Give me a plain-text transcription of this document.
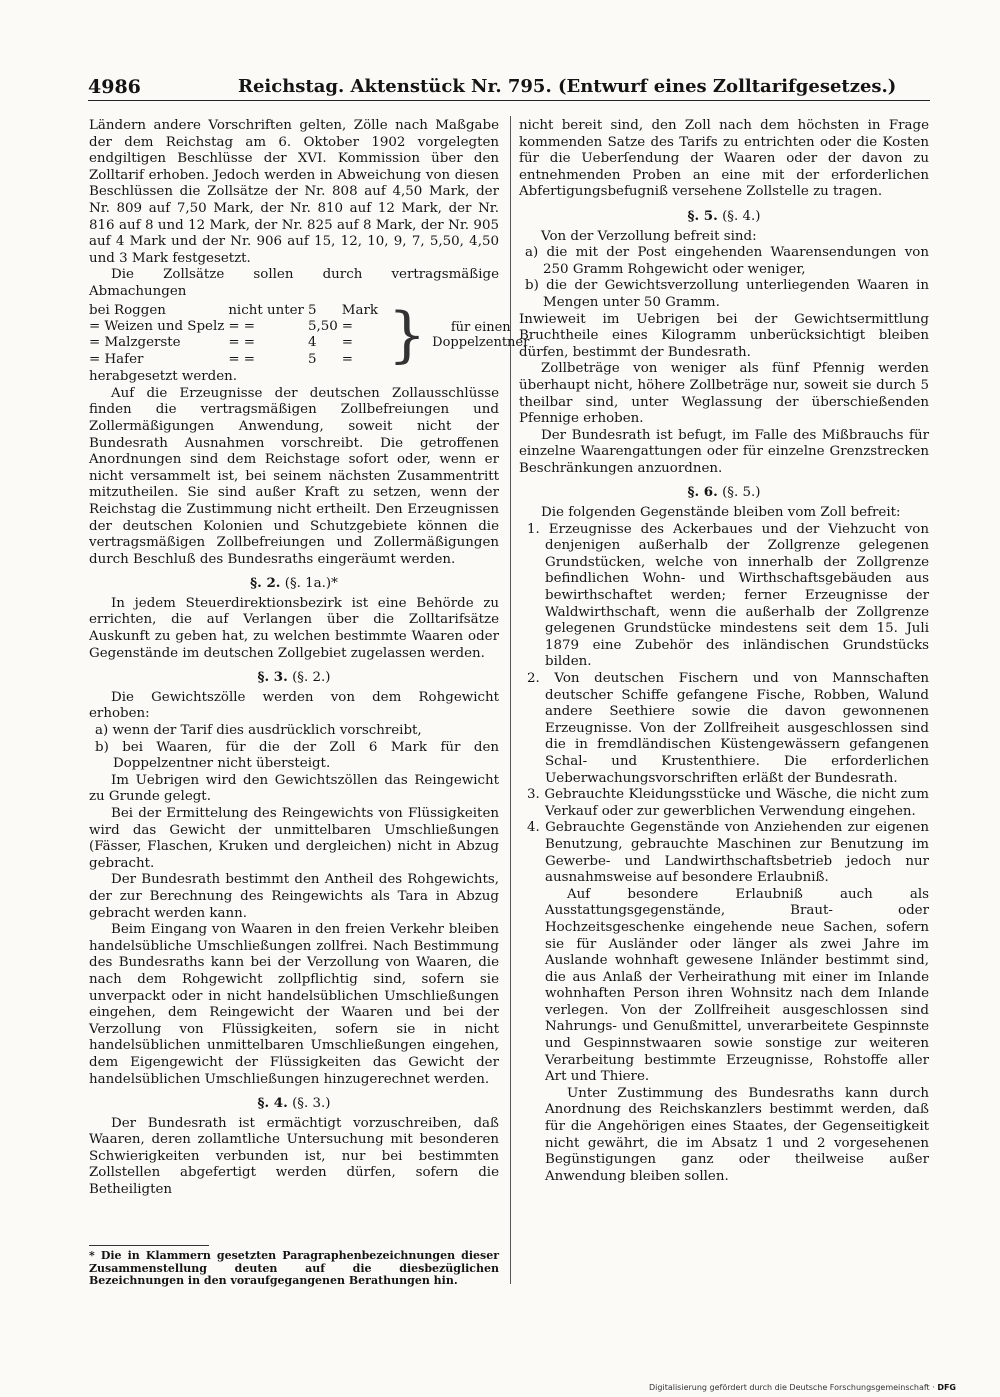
4986	Reichstag. Aktenstück Nr. 795. (Entwurf eines Zolltarifgesetzes.)

Ländern andere Vorschriften gelten, Zölle nach Maßgabe der dem Reichstag am 6. Oktober 1902 vorgelegten endgiltigen Beschlüsse der XVI. Kommission über den Zolltarif erhoben. Jedoch werden in Abweichung von diesen Beschlüssen die Zollsätze der Nr. 808 auf 4,50 Mark, der Nr. 809 auf 7,50 Mark, der Nr. 810 auf 12 Mark, der Nr. 816 auf 8 und 12 Mark, der Nr. 825 auf 8 Mark, der Nr. 905 auf 4 Mark und der Nr. 906 auf 15, 12, 10, 9, 7, 5,50, 4,50 und 3 Mark festgesetzt.

Die Zollsätze sollen durch vertragsmäßige Abmachungen

bei Roggen	nicht unter	5	Mark	}	für einen Doppelzentner
= Weizen und Spelz	= =	5,50	=		
= Malzgerste	= =	4	=		
= Hafer	= =	5	=		

herabgesetzt werden.

Auf die Erzeugnisse der deutschen Zollausschlüsse finden die vertragsmäßigen Zollbefreiungen und Zollermäßigungen Anwendung, soweit nicht der Bundesrath Ausnahmen vorschreibt. Die getroffenen Anordnungen sind dem Reichstage sofort oder, wenn er nicht versammelt ist, bei seinem nächsten Zusammentritt mitzutheilen. Sie sind außer Kraft zu setzen, wenn der Reichstag die Zustimmung nicht ertheilt. Den Erzeugnissen der deutschen Kolonien und Schutzgebiete können die vertragsmäßigen Zollbefreiungen und Zollermäßigungen durch Beschluß des Bundesraths eingeräumt werden.

§. 2. (§. 1a.)*

In jedem Steuerdirektionsbezirk ist eine Behörde zu errichten, die auf Verlangen über die Zolltarifsätze Auskunft zu geben hat, zu welchen bestimmte Waaren oder Gegenstände im deutschen Zollgebiet zugelassen werden.

§. 3. (§. 2.)

Die Gewichtszölle werden von dem Rohgewicht erhoben:

a) wenn der Tarif dies ausdrücklich vorschreibt,

b) bei Waaren, für die der Zoll 6 Mark für den Doppelzentner nicht übersteigt.

Im Uebrigen wird den Gewichtszöllen das Reingewicht zu Grunde gelegt.

Bei der Ermittelung des Reingewichts von Flüssigkeiten wird das Gewicht der unmittelbaren Umschließungen (Fässer, Flaschen, Kruken und dergleichen) nicht in Abzug gebracht.

Der Bundesrath bestimmt den Antheil des Rohgewichts, der zur Berechnung des Reingewichts als Tara in Abzug gebracht werden kann.

Beim Eingang von Waaren in den freien Verkehr bleiben handelsübliche Umschließungen zollfrei. Nach Bestimmung des Bundesraths kann bei der Verzollung von Waaren, die nach dem Rohgewicht zollpflichtig sind, sofern sie unverpackt oder in nicht handelsüblichen Umschließungen eingehen, dem Reingewicht der Waaren und bei der Verzollung von Flüssigkeiten, sofern sie in nicht handelsüblichen unmittelbaren Umschließungen eingehen, dem Eigengewicht der Flüssigkeiten das Gewicht der handelsüblichen Umschließungen hinzugerechnet werden.

§. 4. (§. 3.)

Der Bundesrath ist ermächtigt vorzuschreiben, daß Waaren, deren zollamtliche Untersuchung mit besonderen Schwierigkeiten verbunden ist, nur bei bestimmten Zollstellen abgefertigt werden dürfen, sofern die Betheiligten

* Die in Klammern gesetzten Paragraphenbezeichnungen dieser Zusammenstellung deuten auf die diesbezüglichen Bezeichnungen in den voraufgegangenen Berathungen hin.

nicht bereit sind, den Zoll nach dem höchsten in Frage kommenden Satze des Tarifs zu entrichten oder die Kosten für die Ueberſendung der Waaren oder der davon zu entnehmenden Proben an eine mit der erforderlichen Abfertigungsbefugniß versehene Zollstelle zu tragen.

§. 5. (§. 4.)

Von der Verzollung befreit sind:

a) die mit der Post eingehenden Waarensendungen von 250 Gramm Rohgewicht oder weniger,

b) die der Gewichtsverzollung unterliegenden Waaren in Mengen unter 50 Gramm.

Inwieweit im Uebrigen bei der Gewichtsermittlung Bruchtheile eines Kilogramm unberücksichtigt bleiben dürfen, bestimmt der Bundesrath.

Zollbeträge von weniger als fünf Pfennig werden überhaupt nicht, höhere Zollbeträge nur, soweit sie durch 5 theilbar sind, unter Weglassung der überschießenden Pfennige erhoben.

Der Bundesrath ist befugt, im Falle des Mißbrauchs für einzelne Waarengattungen oder für einzelne Grenzstrecken Beschränkungen anzuordnen.

§. 6. (§. 5.)

Die folgenden Gegenstände bleiben vom Zoll befreit:

1. Erzeugnisse des Ackerbaues und der Viehzucht von denjenigen außerhalb der Zollgrenze gelegenen Grundstücken, welche von innerhalb der Zollgrenze befindlichen Wohn- und Wirthschaftsgebäuden aus bewirthschaftet werden; ferner Erzeugnisse der Waldwirthschaft, wenn die außerhalb der Zollgrenze gelegenen Grundstücke mindestens seit dem 15. Juli 1879 eine Zubehör des inländischen Grundstücks bilden.

2. Von deutschen Fischern und von Mannschaften deutscher Schiffe gefangene Fische, Robben, Walund andere Seethiere sowie die davon gewonnenen Erzeugnisse. Von der Zollfreiheit ausgeschlossen sind die in fremdländischen Küstengewässern gefangenen Schal- und Krustenthiere. Die erforderlichen Ueberwachungsvorschriften erläßt der Bundesrath.

3. Gebrauchte Kleidungsstücke und Wäsche, die nicht zum Verkauf oder zur gewerblichen Verwendung eingehen.

4. Gebrauchte Gegenstände von Anziehenden zur eigenen Benutzung, gebrauchte Maschinen zur Benutzung im Gewerbe- und Landwirthschaftsbetrieb jedoch nur ausnahmsweise auf besondere Erlaubniß.

Auf besondere Erlaubniß auch als Ausstattungsgegenstände, Braut- oder Hochzeitsgeschenke eingehende neue Sachen, sofern sie für Ausländer oder länger als zwei Jahre im Auslande wohnhaft gewesene Inländer bestimmt sind, die aus Anlaß der Verheirathung mit einer im Inlande wohnhaften Person ihren Wohnsitz nach dem Inlande verlegen. Von der Zollfreiheit ausgeschlossen sind Nahrungs- und Genußmittel, unverarbeitete Gespinnste und Gespinnstwaaren sowie sonstige zur weiteren Verarbeitung bestimmte Erzeugnisse, Rohstoffe aller Art und Thiere.

Unter Zustimmung des Bundesraths kann durch Anordnung des Reichskanzlers bestimmt werden, daß für die Angehörigen eines Staates, der Gegenseitigkeit nicht gewährt, die im Absatz 1 und 2 vorgesehenen Begünstigungen ganz oder theilweise außer Anwendung bleiben sollen.

Digitalisierung gefördert durch die Deutsche Forschungsgemeinschaft · DFG
